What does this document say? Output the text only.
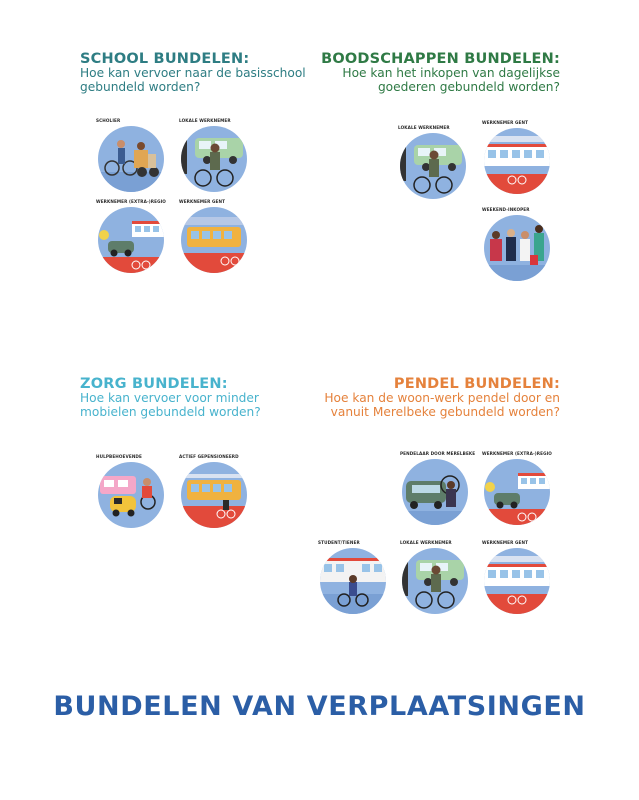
SCHOOL BUNDELEN:
Hoe kan vervoer naar de basisschool gebundeld worden?
SCHOLIER	LOKALE WERKNEMER
WERKNEMER (EXTRA-)REGIO	WERKNEMER GENT
BOODSCHAPPEN BUNDELEN:
Hoe kan het inkopen van dagelijkse goederen gebundeld worden?
LOKALE WERKNEMER
WERKNEMER GENT
WEEKEND-INKOPER
ZORG BUNDELEN:
Hoe kan vervoer voor minder mobielen gebundeld worden?
HULPBEHOEVENDE	ACTIEF GEPENSIONEERD
PENDEL BUNDELEN:
Hoe kan de woon-werk pendel door en vanuit Merelbeke gebundeld worden?
PENDELAAR DOOR MERELBEKE	WERKNEMER (EXTRA-)REGIO
STUDENT/TIENER	LOKALE WERKNEMER	WERKNEMER GENT
BUNDELEN VAN VERPLAATSINGEN
